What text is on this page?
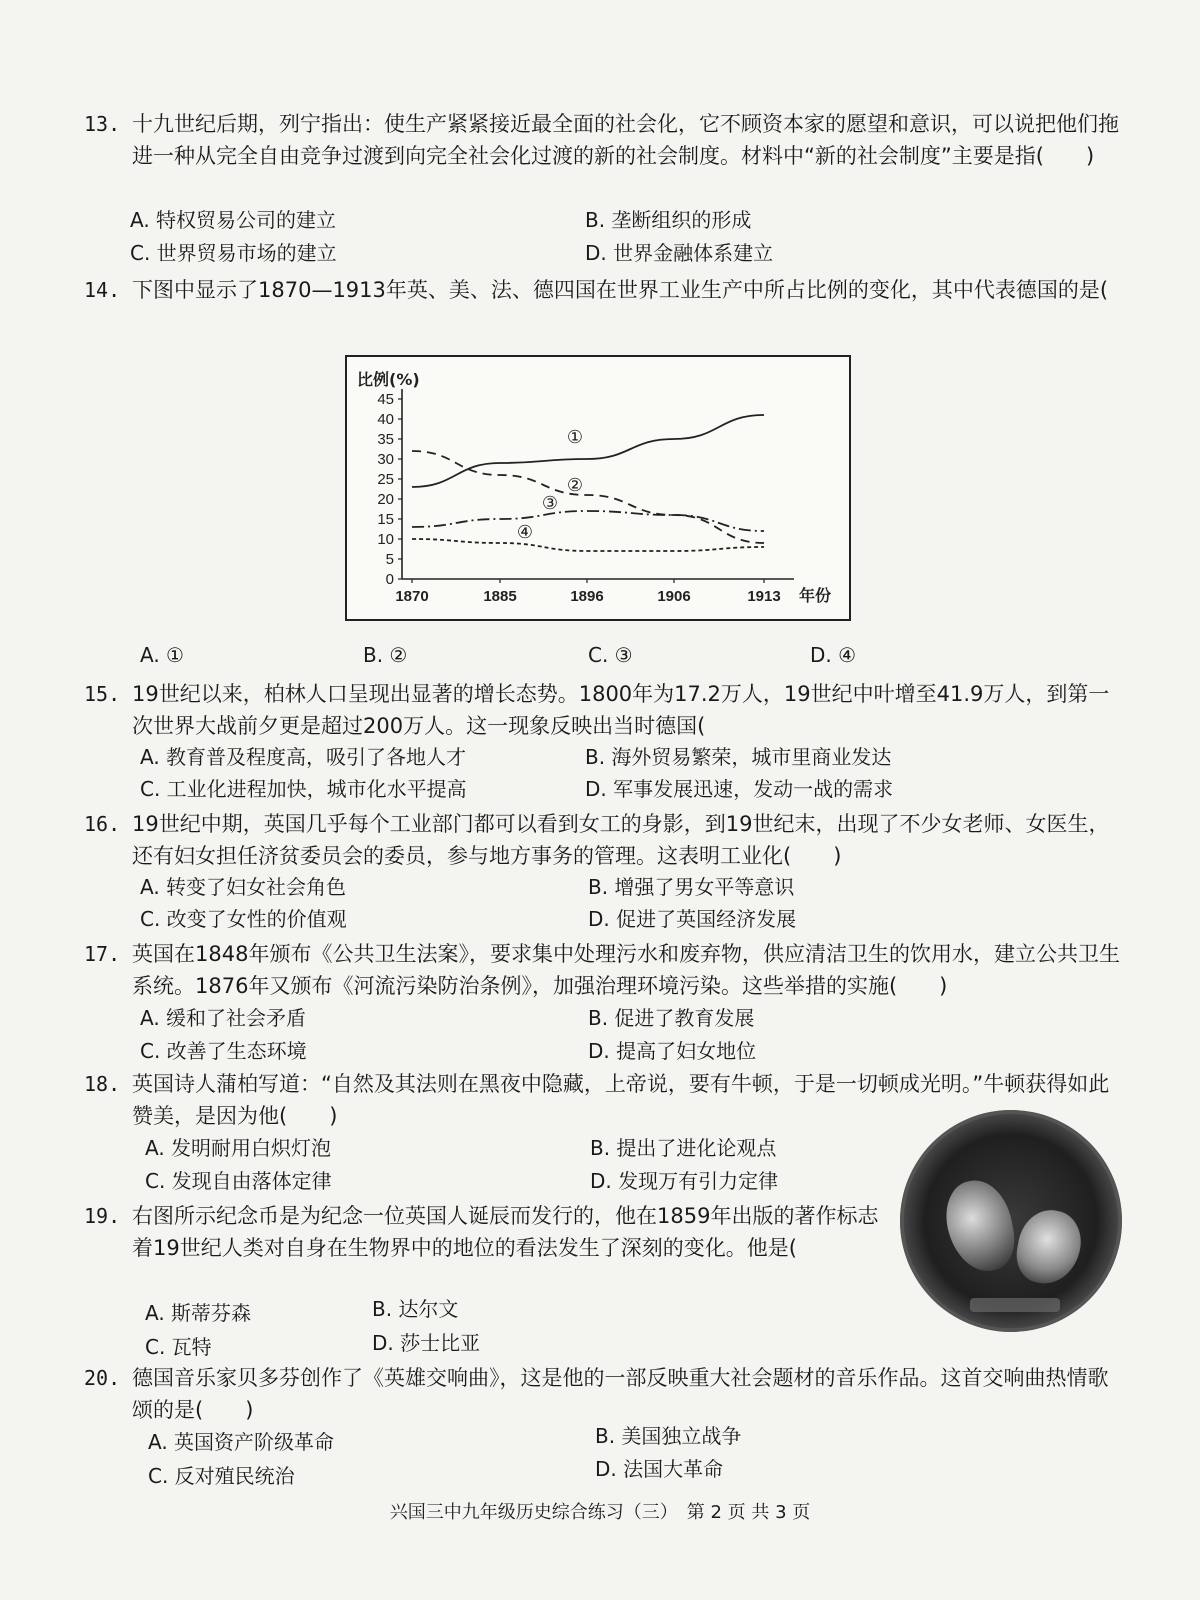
13. 十九世纪后期，列宁指出：使生产紧紧接近最全面的社会化，它不顾资本家的愿望和意识，可以说把他们拖进一种从完全自由竞争过渡到向完全社会化过渡的新的社会制度。材料中“新的社会制度”主要是指(　　)
A. 特权贸易公司的建立	B. 垄断组织的形成
C. 世界贸易市场的建立	D. 世界金融体系建立
14. 下图中显示了1870—1913年英、美、法、德四国在世界工业生产中所占比例的变化，其中代表德国的是(
0
5
10
15
20
25
30
35
40
45
1870	1885	1896	1906	1913
比例(%)
年份
①
②
③
④
A. ①	B. ②	C. ③	D. ④
15. 19世纪以来，柏林人口呈现出显著的增长态势。1800年为17.2万人，19世纪中叶增至41.9万人，到第一次世界大战前夕更是超过200万人。这一现象反映出当时德国(
A. 教育普及程度高，吸引了各地人才	B. 海外贸易繁荣，城市里商业发达
C. 工业化进程加快，城市化水平提高	D. 军事发展迅速，发动一战的需求
16. 19世纪中期，英国几乎每个工业部门都可以看到女工的身影，到19世纪末，出现了不少女老师、女医生，还有妇女担任济贫委员会的委员，参与地方事务的管理。这表明工业化(　　)
A. 转变了妇女社会角色	B. 增强了男女平等意识
C. 改变了女性的价值观	D. 促进了英国经济发展
17. 英国在1848年颁布《公共卫生法案》，要求集中处理污水和废弃物，供应清洁卫生的饮用水，建立公共卫生系统。1876年又颁布《河流污染防治条例》，加强治理环境污染。这些举措的实施(　　)
A. 缓和了社会矛盾	B. 促进了教育发展
C. 改善了生态环境	D. 提高了妇女地位
18. 英国诗人蒲柏写道：“自然及其法则在黑夜中隐藏，上帝说，要有牛顿，于是一切顿成光明。”牛顿获得如此赞美，是因为他(　　)
A. 发明耐用白炽灯泡	B. 提出了进化论观点
C. 发现自由落体定律	D. 发现万有引力定律
19. 右图所示纪念币是为纪念一位英国人诞辰而发行的，他在1859年出版的著作标志着19世纪人类对自身在生物界中的地位的看法发生了深刻的变化。他是(
A. 斯蒂芬森	B. 达尔文
C. 瓦特	D. 莎士比亚
20. 德国音乐家贝多芬创作了《英雄交响曲》，这是他的一部反映重大社会题材的音乐作品。这首交响曲热情歌颂的是(　　)
A. 英国资产阶级革命	B. 美国独立战争
C. 反对殖民统治	D. 法国大革命
兴国三中九年级历史综合练习（三）　第 2 页 共 3 页
